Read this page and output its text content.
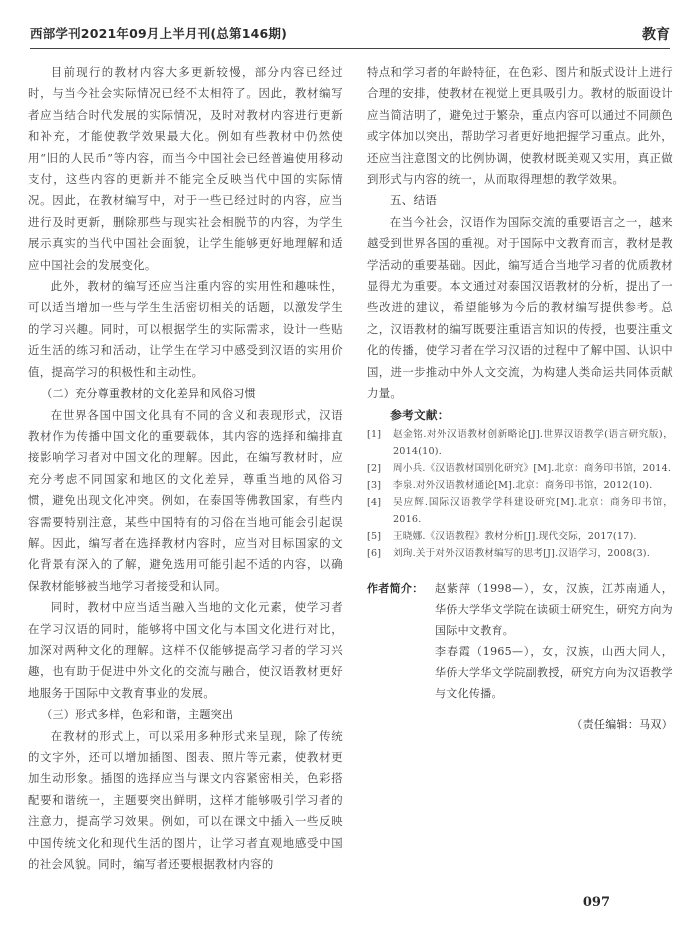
西部学刊2021年09月上半月刊(总第146期)	教育

目前现行的教材内容大多更新较慢，部分内容已经过时，与当今社会实际情况已经不太相符了。因此，教材编写者应当结合时代发展的实际情况，及时对教材内容进行更新和补充，才能使教学效果最大化。例如有些教材中仍然使用“旧的人民币”等内容，而当今中国社会已经普遍使用移动支付，这些内容的更新并不能完全反映当代中国的实际情况。因此，在教材编写中，对于一些已经过时的内容，应当进行及时更新，删除那些与现实社会相脱节的内容，为学生展示真实的当代中国社会面貌，让学生能够更好地理解和适应中国社会的发展变化。

此外，教材的编写还应当注重内容的实用性和趣味性，可以适当增加一些与学生生活密切相关的话题，以激发学生的学习兴趣。同时，可以根据学生的实际需求，设计一些贴近生活的练习和活动，让学生在学习中感受到汉语的实用价值，提高学习的积极性和主动性。

（二）充分尊重教材的文化差异和风俗习惯

在世界各国中国文化具有不同的含义和表现形式，汉语教材作为传播中国文化的重要载体，其内容的选择和编排直接影响学习者对中国文化的理解。因此，在编写教材时，应充分考虑不同国家和地区的文化差异，尊重当地的风俗习惯，避免出现文化冲突。例如，在泰国等佛教国家，有些内容需要特别注意，某些中国特有的习俗在当地可能会引起误解。因此，编写者在选择教材内容时，应当对目标国家的文化背景有深入的了解，避免选用可能引起不适的内容，以确保教材能够被当地学习者接受和认同。

同时，教材中应当适当融入当地的文化元素，使学习者在学习汉语的同时，能够将中国文化与本国文化进行对比，加深对两种文化的理解。这样不仅能够提高学习者的学习兴趣，也有助于促进中外文化的交流与融合，使汉语教材更好地服务于国际中文教育事业的发展。

（三）形式多样，色彩和谐，主题突出

在教材的形式上，可以采用多种形式来呈现，除了传统的文字外，还可以增加插图、图表、照片等元素，使教材更加生动形象。插图的选择应当与课文内容紧密相关，色彩搭配要和谐统一，主题要突出鲜明，这样才能够吸引学习者的注意力，提高学习效果。例如，可以在课文中插入一些反映中国传统文化和现代生活的图片，让学习者直观地感受中国的社会风貌。同时，编写者还要根据教材内容的

特点和学习者的年龄特征，在色彩、图片和版式设计上进行合理的安排，使教材在视觉上更具吸引力。教材的版面设计应当简洁明了，避免过于繁杂，重点内容可以通过不同颜色或字体加以突出，帮助学习者更好地把握学习重点。此外，还应当注意图文的比例协调，使教材既美观又实用，真正做到形式与内容的统一，从而取得理想的教学效果。

五、结语

在当今社会，汉语作为国际交流的重要语言之一，越来越受到世界各国的重视。对于国际中文教育而言，教材是教学活动的重要基础。因此，编写适合当地学习者的优质教材显得尤为重要。本文通过对泰国汉语教材的分析，提出了一些改进的建议，希望能够为今后的教材编写提供参考。总之，汉语教材的编写既要注重语言知识的传授，也要注重文化的传播，使学习者在学习汉语的过程中了解中国、认识中国，进一步推动中外人文交流，为构建人类命运共同体贡献力量。

参考文献：

[1]	赵金铭.对外汉语教材创新略论[J].世界汉语教学(语言研究版)，2014(10).
[2]	周小兵.《汉语教材国别化研究》[M].北京：商务印书馆，2014.
[3]	李泉.对外汉语教材通论[M].北京：商务印书馆，2012(10).
[4]	吴应辉.国际汉语教学学科建设研究[M].北京：商务印书馆，2016.
[5]	王晓娜.《汉语教程》教材分析[J].现代交际，2017(17).
[6]	刘珣.关于对外汉语教材编写的思考[J].汉语学习，2008(3).
作者简介：	赵紫萍（1998—），女，汉族，江苏南通人，华侨大学华文学院在读硕士研究生，研究方向为国际中文教育。

李春霞（1965—），女，汉族，山西大同人，华侨大学华文学院副教授，研究方向为汉语教学与文化传播。

（责任编辑：马双）
097
